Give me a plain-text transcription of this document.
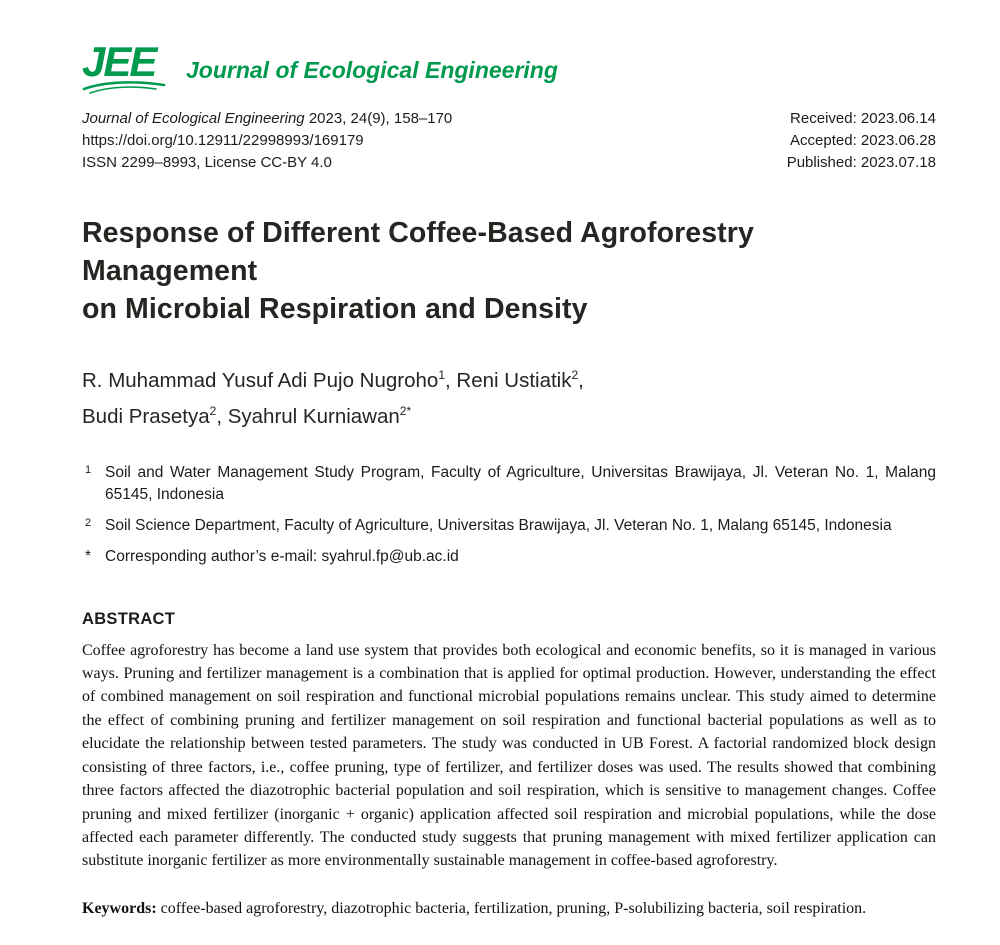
JEE	Journal of Ecological Engineering
Journal of Ecological Engineering 2023, 24(9), 158–170
https://doi.org/10.12911/22998993/169179
ISSN 2299–8993, License CC-BY 4.0
Received: 2023.06.14
Accepted: 2023.06.28
Published: 2023.07.18
Response of Different Coffee-Based Agroforestry Management
on Microbial Respiration and Density
R. Muhammad Yusuf Adi Pujo Nugroho$^1$, Reni Ustiatik$^2$,
Budi Prasetya$^2$, Syahrul Kurniawan$^{2*}$
1 Soil and Water Management Study Program, Faculty of Agriculture, Universitas Brawijaya, Jl. Veteran No. 1, Malang 65145, Indonesia
2 Soil Science Department, Faculty of Agriculture, Universitas Brawijaya, Jl. Veteran No. 1, Malang 65145, Indonesia
* Corresponding author’s e-mail: syahrul.fp@ub.ac.id
ABSTRACT

Coffee agroforestry has become a land use system that provides both ecological and economic benefits, so it is managed in various ways. Pruning and fertilizer management is a combination that is applied for optimal production. However, understanding the effect of combined management on soil respiration and functional microbial populations remains unclear. This study aimed to determine the effect of combining pruning and fertilizer management on soil respiration and functional bacterial populations as well as to elucidate the relationship between tested parameters. The study was conducted in UB Forest. A factorial randomized block design consisting of three factors, i.e., coffee pruning, type of fertilizer, and fertilizer doses was used. The results showed that combining three factors affected the diazotrophic bacterial population and soil respiration, which is sensitive to management changes. Coffee pruning and mixed fertilizer (inorganic + organic) application affected soil respiration and microbial populations, while the dose affected each parameter differently. The conducted study suggests that pruning management with mixed fertilizer application can substitute inorganic fertilizer as more environmentally sustainable management in coffee-based agroforestry.

Keywords: coffee-based agroforestry, diazotrophic bacteria, fertilization, pruning, P-solubilizing bacteria, soil respiration.
